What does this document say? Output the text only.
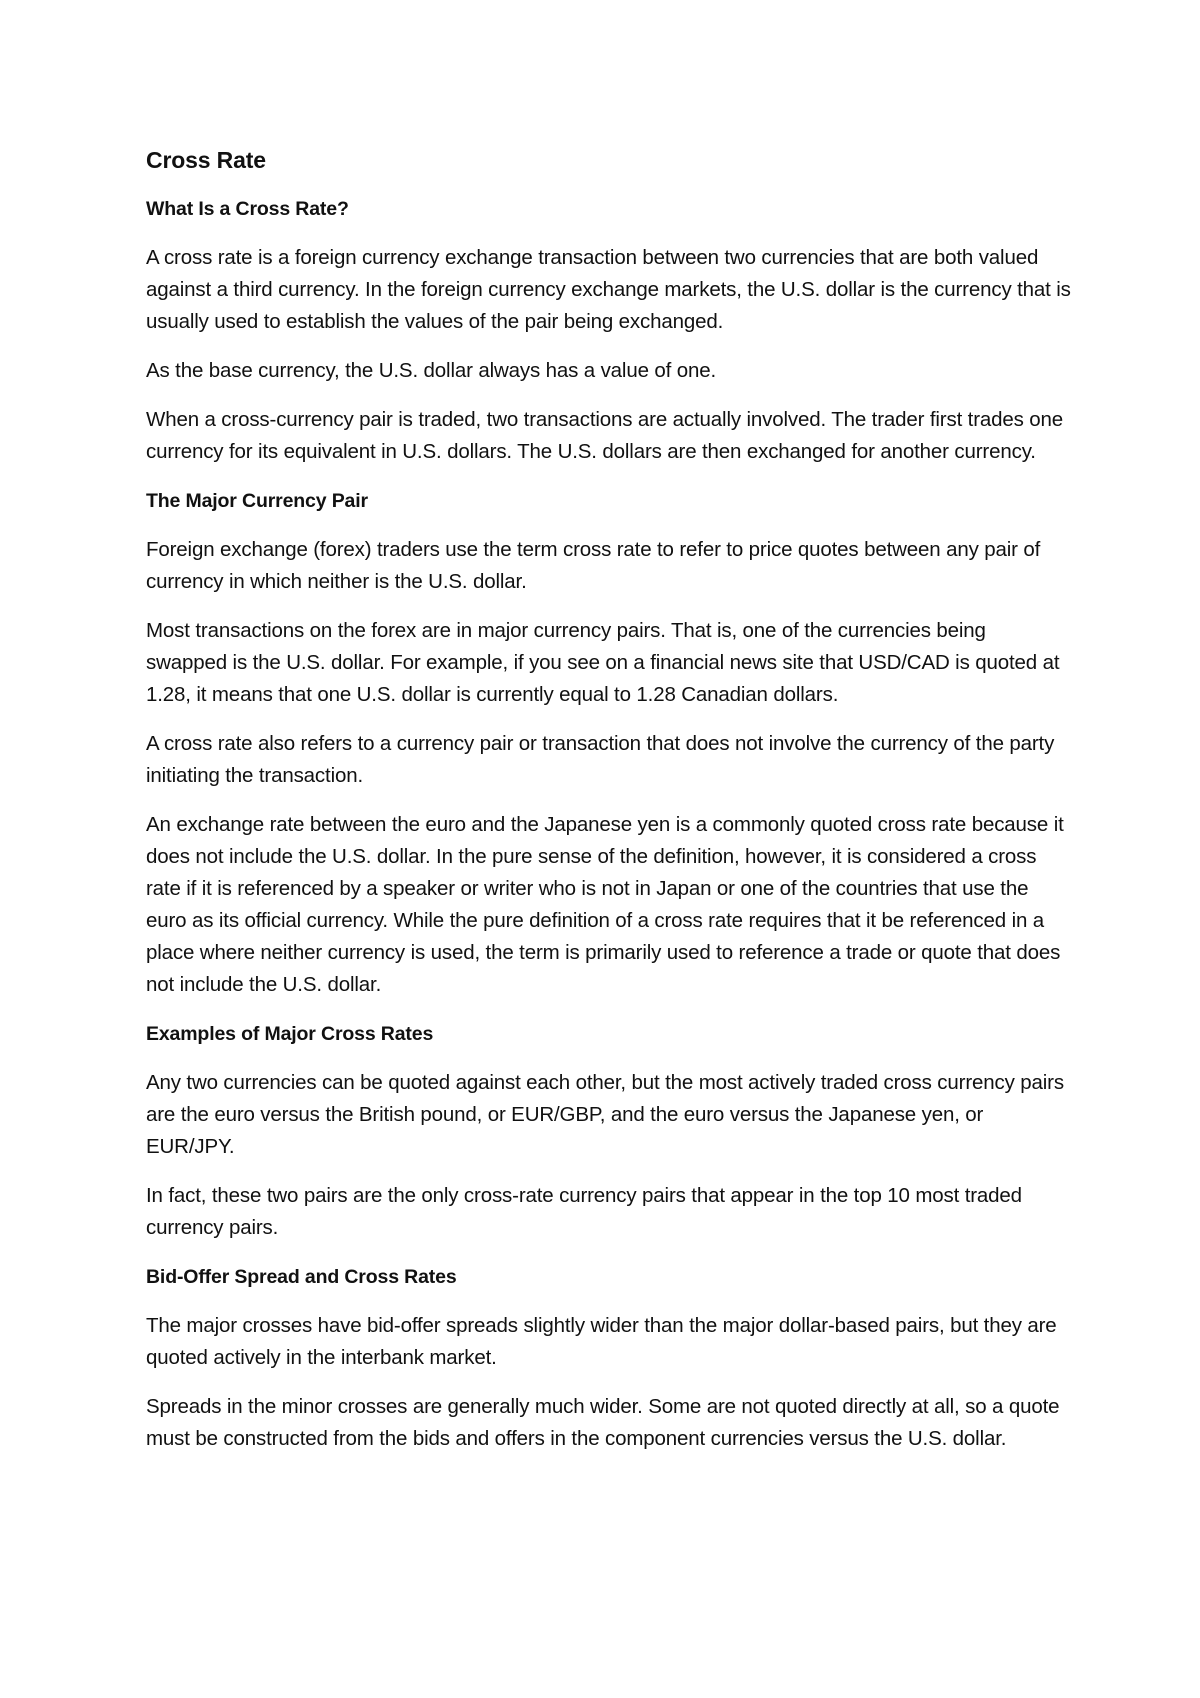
Cross Rate
What Is a Cross Rate?

A cross rate is a foreign currency exchange transaction between two currencies that are both valued against a third currency. In the foreign currency exchange markets, the U.S. dollar is the currency that is usually used to establish the values of the pair being exchanged.

As the base currency, the U.S. dollar always has a value of one.

When a cross-currency pair is traded, two transactions are actually involved. The trader first trades one currency for its equivalent in U.S. dollars. The U.S. dollars are then exchanged for another currency.

The Major Currency Pair

Foreign exchange (forex) traders use the term cross rate to refer to price quotes between any pair of currency in which neither is the U.S. dollar.

Most transactions on the forex are in major currency pairs. That is, one of the currencies being swapped is the U.S. dollar. For example, if you see on a financial news site that USD/CAD is quoted at 1.28, it means that one U.S. dollar is currently equal to 1.28 Canadian dollars.

A cross rate also refers to a currency pair or transaction that does not involve the currency of the party initiating the transaction.

An exchange rate between the euro and the Japanese yen is a commonly quoted cross rate because it does not include the U.S. dollar. In the pure sense of the definition, however, it is considered a cross rate if it is referenced by a speaker or writer who is not in Japan or one of the countries that use the euro as its official currency. While the pure definition of a cross rate requires that it be referenced in a place where neither currency is used, the term is primarily used to reference a trade or quote that does not include the U.S. dollar.

Examples of Major Cross Rates

Any two currencies can be quoted against each other, but the most actively traded cross currency pairs are the euro versus the British pound, or EUR/GBP, and the euro versus the Japanese yen, or EUR/JPY.

In fact, these two pairs are the only cross-rate currency pairs that appear in the top 10 most traded currency pairs.

Bid-Offer Spread and Cross Rates

The major crosses have bid-offer spreads slightly wider than the major dollar-based pairs, but they are quoted actively in the interbank market.

Spreads in the minor crosses are generally much wider. Some are not quoted directly at all, so a quote must be constructed from the bids and offers in the component currencies versus the U.S. dollar.
